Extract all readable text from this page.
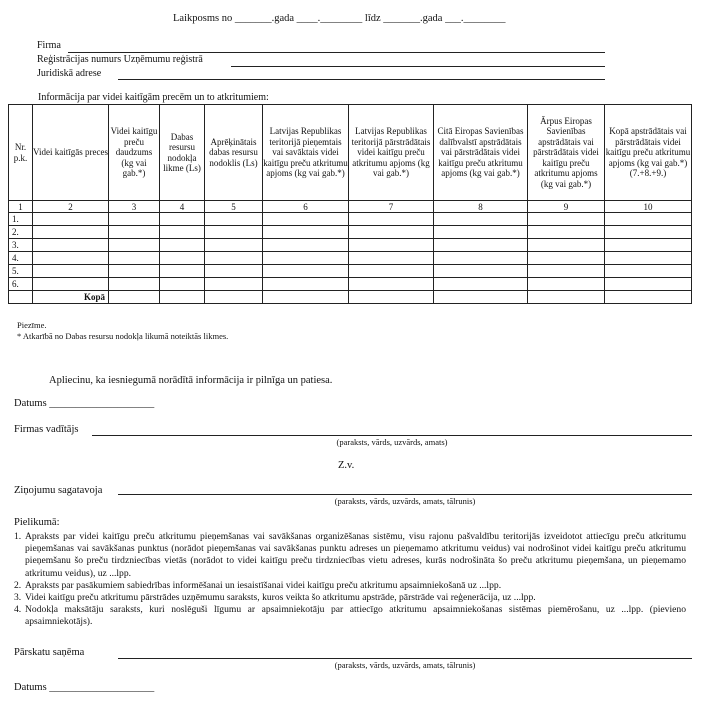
Laikposms no _______.gada ____.________ līdz _______.gada ___.________
Firma
Reģistrācijas numurs Uzņēmumu reģistrā
Juridiskā adrese
Informācija par videi kaitīgām precēm un to atkritumiem:
Nr. p.k.	Videi kaitīgās preces	Videi kaitīgu preču daudzums (kg vai gab.*)	Dabas resursu nodokļa likme (Ls)	Aprēķinātais dabas resursu nodoklis (Ls)	Latvijas Republikas teritorijā pieņemtais vai savāktais videi kaitīgu preču atkritumu apjoms (kg vai gab.*)	Latvijas Republikas teritorijā pārstrādātais videi kaitīgu preču atkritumu apjoms (kg vai gab.*)	Citā Eiropas Savienības dalībvalstī apstrādātais vai pārstrādātais videi kaitīgu preču atkritumu apjoms (kg vai gab.*)	Ārpus Eiropas Savienības apstrādātais vai pārstrādātais videi kaitīgu preču atkritumu apjoms (kg vai gab.*)	Kopā apstrādātais vai pārstrādātais videi kaitīgu preču atkritumu apjoms (kg vai gab.*) (7.+8.+9.)
1	2	3	4	5	6	7	8	9	10
1.									
2.									
3.									
4.									
5.									
6.									
	Kopā								
Piezīme.
* Atkarībā no Dabas resursu nodokļa likumā noteiktās likmes.
Apliecinu, ka iesniegumā norādītā informācija ir pilnīga un patiesa.
Datums ____________________
Firmas vadītājs
(paraksts, vārds, uzvārds, amats)
Z.v.
Ziņojumu sagatavoja
(paraksts, vārds, uzvārds, amats, tālrunis)
Pielikumā:
1. Apraksts par videi kaitīgu preču atkritumu pieņemšanas vai savākšanas organizēšanas sistēmu, visu rajonu pašvaldību teritorijās izveidotot attiecīgu preču atkritumu pieņemšanas vai savākšanas punktus (norādot pieņemšanas vai savākšanas punktu adreses un pieņemamo atkritumu veidus) vai nodrošinot videi kaitīgu preču atkritumu pieņemšanu šo preču tirdzniecības vietās (norādot to videi kaitīgu preču tirdzniecības vietu adreses, kurās nodrošināta šo preču atkritumu pieņemšana, un pieņemamo atkritumu veidus), uz ...lpp.
2. Apraksts par pasākumiem sabiedrības informēšanai un iesaistīšanai videi kaitīgu preču atkritumu apsaimniekošanā uz ...lpp.
3. Videi kaitīgu preču atkritumu pārstrādes uzņēmumu saraksts, kuros veikta šo atkritumu apstrāde, pārstrāde vai reģenerācija, uz ...lpp.
4. Nodokļa maksātāju saraksts, kuri noslēguši līgumu ar apsaimniekotāju par attiecīgo atkritumu apsaimniekošanas sistēmas piemērošanu, uz ...lpp. (pievieno apsaimniekotājs).
Pārskatu saņēma
(paraksts, vārds, uzvārds, amats, tālrunis)
Datums ____________________
